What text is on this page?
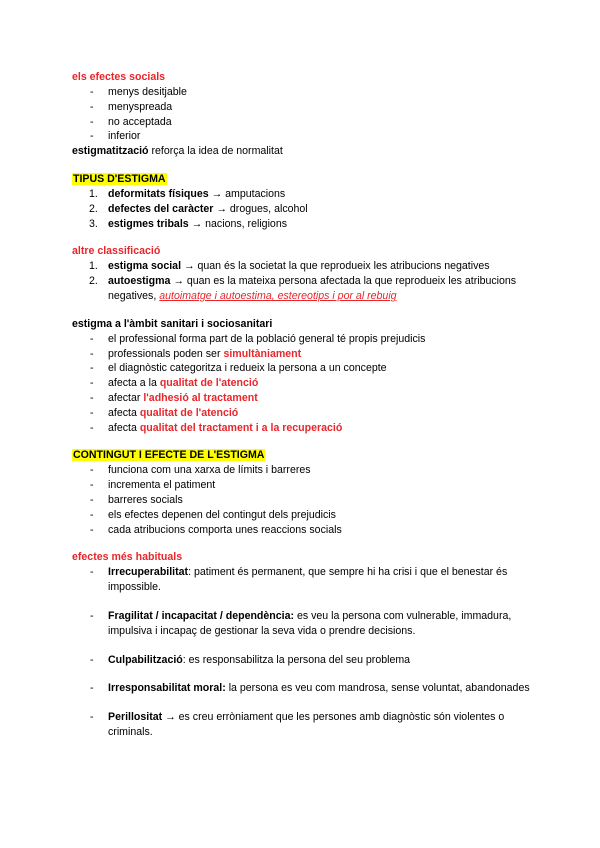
els efectes socials

- menys desitjable
- menyspreada
- no acceptada
- inferior

estigmatització reforça la idea de normalitat

TIPUS D'ESTIGMA

1. deformitats físiques → amputacions
2. defectes del caràcter → drogues, alcohol
3. estigmes tribals → nacions, religions

altre classificació

1. estigma social → quan és la societat la que reprodueix les atribucions negatives
2. autoestigma → quan es la mateixa persona afectada la que reprodueix les atribucions negatives, autoimatge i autoestima, estereotips i por al rebuig

estigma a l'àmbit sanitari i sociosanitari

- el professional forma part de la població general té propis prejudicis
- professionals poden ser simultàniament
- el diagnòstic categoritza i redueix la persona a un concepte
- afecta a la qualitat de l'atenció
- afectar l'adhesió al tractament
- afecta qualitat de l'atenció
- afecta qualitat del tractament i a la recuperació

CONTINGUT I EFECTE DE L'ESTIGMA

- funciona com una xarxa de límits i barreres
- incrementa el patiment
- barreres socials
- els efectes depenen del contingut dels prejudicis
- cada atribucions comporta unes reaccions socials

efectes més habituals

- Irrecuperabilitat: patiment és permanent, que sempre hi ha crisi i que el benestar és impossible.
- Fragilitat / incapacitat / dependència: es veu la persona com vulnerable, immadura, impulsiva i incapaç de gestionar la seva vida o prendre decisions.
- Culpabilització: es responsabilitza la persona del seu problema
- Irresponsabilitat moral: la persona es veu com mandrosa, sense voluntat, abandonades
- Perillositat → es creu erròniament que les persones amb diagnòstic són violentes o criminals.
